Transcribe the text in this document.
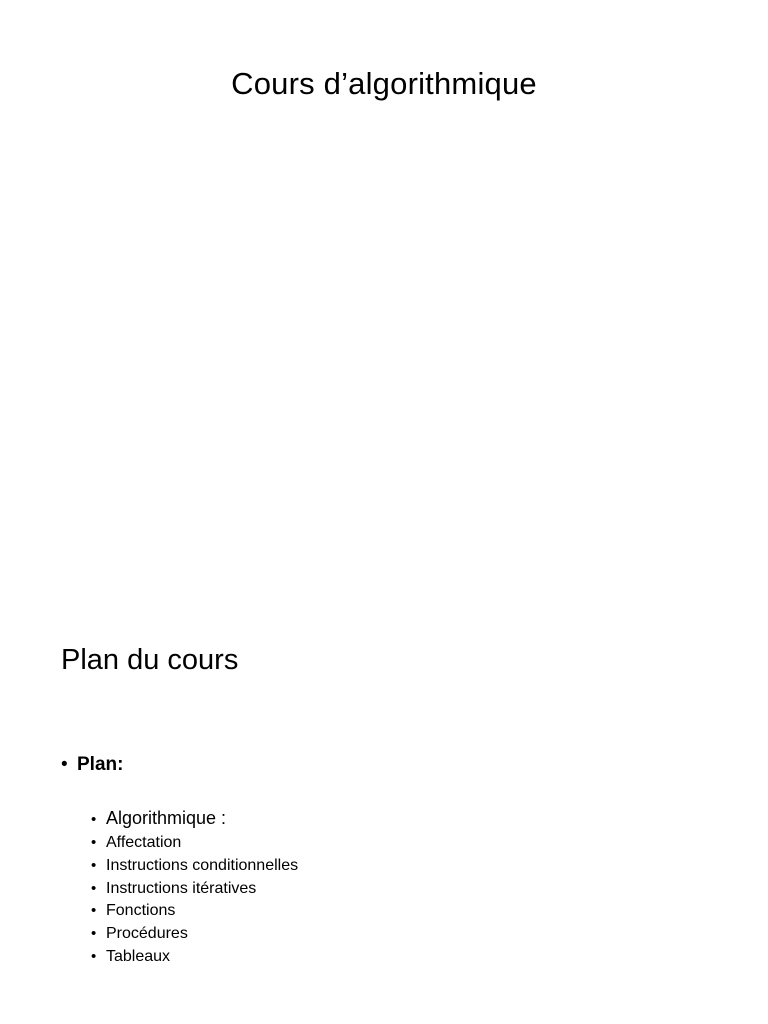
Cours d’algorithmique
Plan du cours
• Plan:
• Algorithmique :
• Affectation
• Instructions conditionnelles
• Instructions itératives
• Fonctions
• Procédures
• Tableaux
